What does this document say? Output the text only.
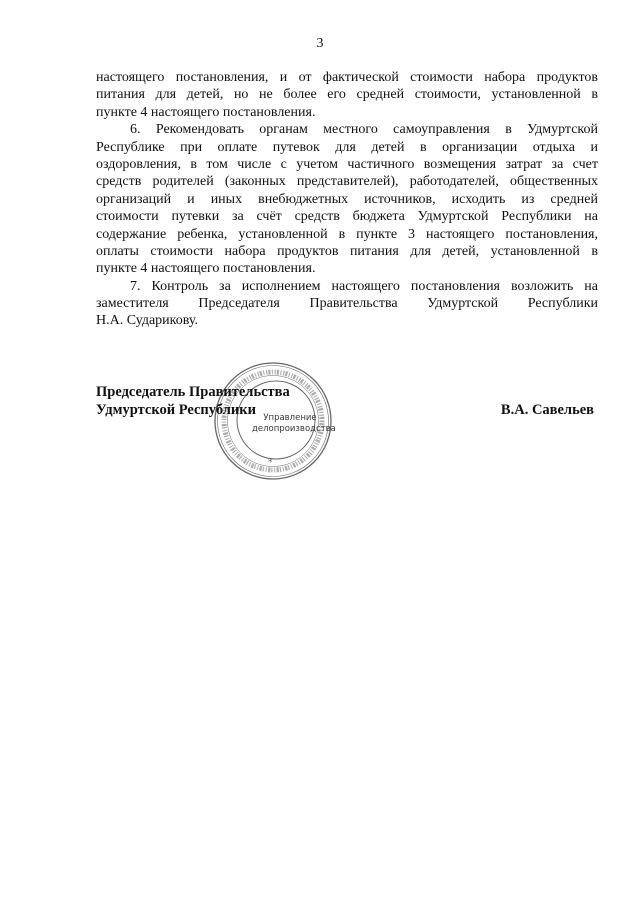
3
настоящего постановления, и от фактической стоимости набора продуктов
питания для детей, но не более его средней стоимости, установленной в
пункте 4 настоящего постановления.
6. Рекомендовать органам местного самоуправления в Удмуртской
Республике при оплате путевок для детей в организации отдыха и
оздоровления, в том числе с учетом частичного возмещения затрат за счет
средств родителей (законных представителей), работодателей, общественных
организаций и иных внебюджетных источников, исходить из средней
стоимости путевки за счёт средств бюджета Удмуртской Республики на
содержание ребенка, установленной в пункте 3 настоящего постановления,
оплаты стоимости набора продуктов питания для детей, установленной в
пункте 4 настоящего постановления.
7. Контроль за исполнением настоящего постановления возложить на
заместителя Председателя Правительства Удмуртской Республики
Н.А. Сударикову.
*
Управление
делопроизводства
Председатель Правительства
Удмуртской Республики	В.А. Савельев
